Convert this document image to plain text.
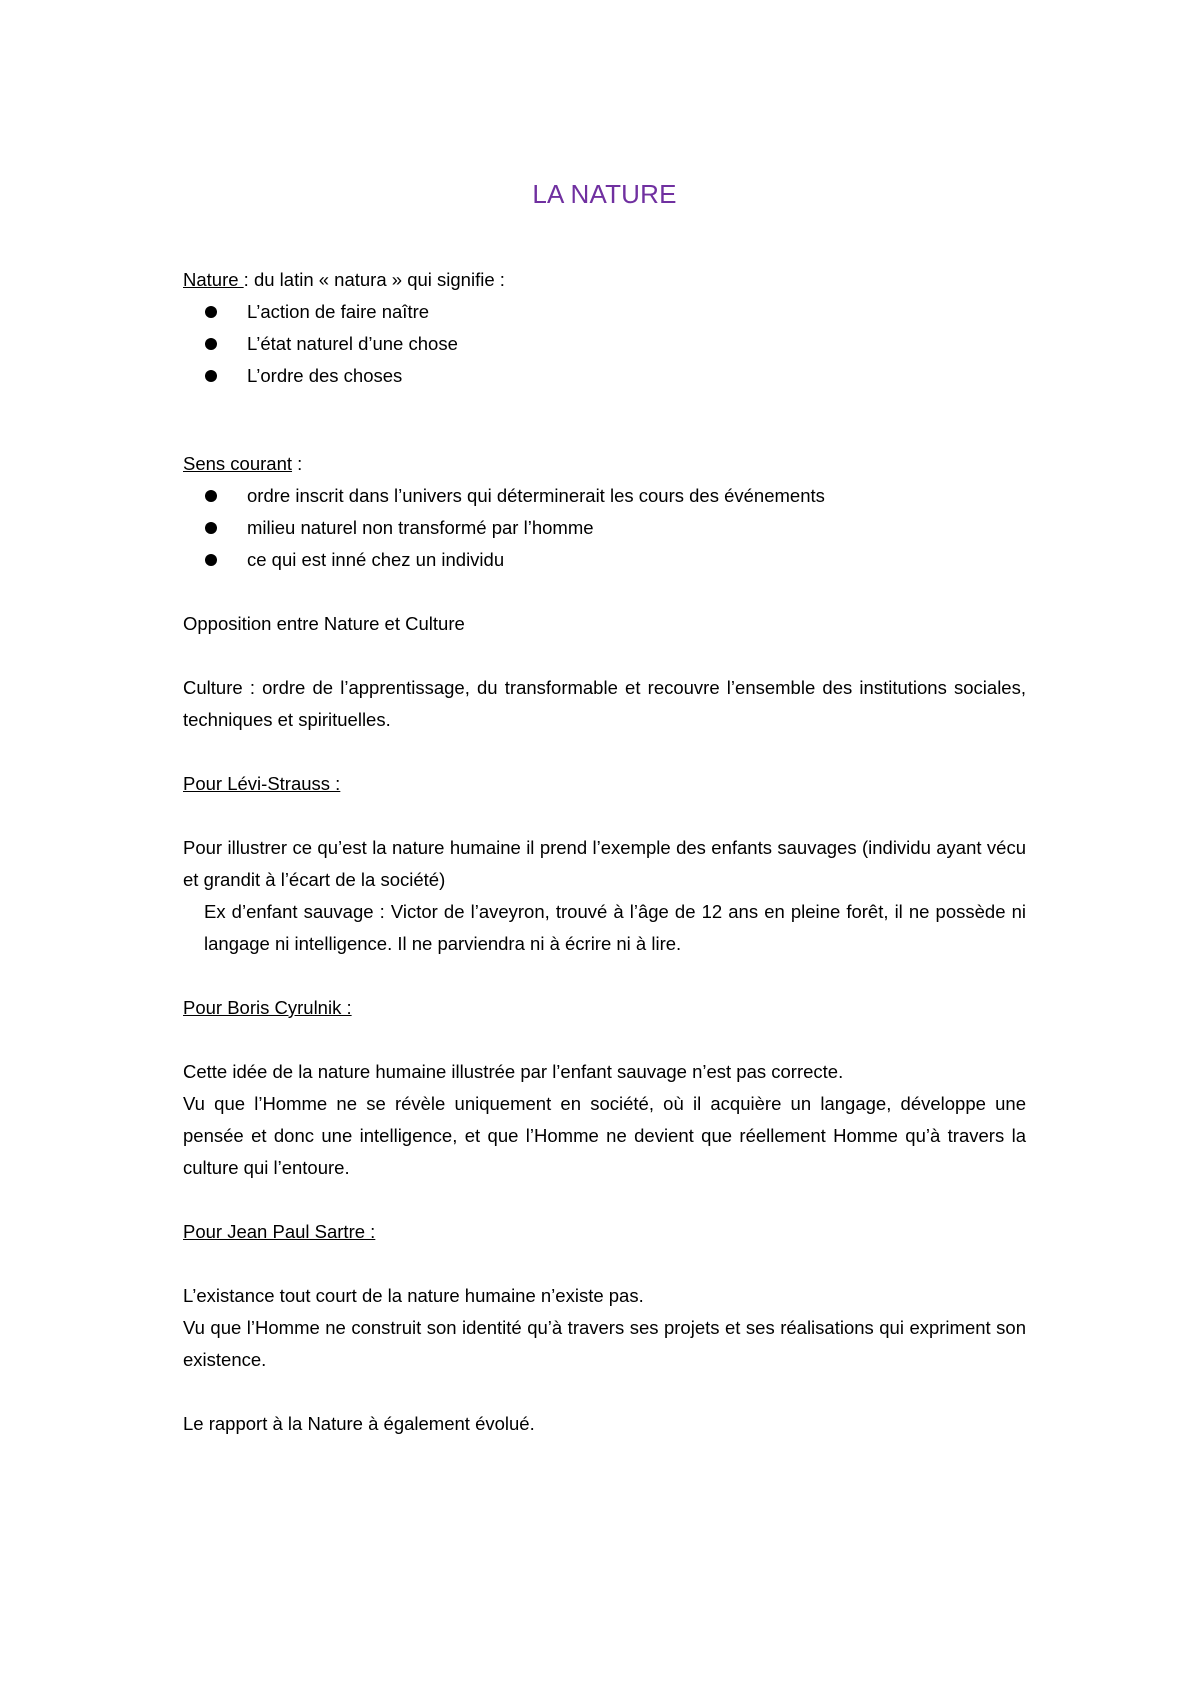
LA NATURE

Nature : du latin « natura » qui signifie :

L’action de faire naître
L’état naturel d’une chose
L’ordre des choses

Sens courant :

ordre inscrit dans l’univers qui déterminerait les cours des événements
milieu naturel non transformé par l’homme
ce qui est inné chez un individu

Opposition entre Nature et Culture

Culture : ordre de l’apprentissage, du transformable et recouvre l’ensemble des institutions sociales, techniques et spirituelles.

Pour Lévi-Strauss :

Pour illustrer ce qu’est la nature humaine il prend l’exemple des enfants sauvages (individu ayant vécu et grandit à l’écart de la société)

Ex d’enfant sauvage : Victor de l’aveyron, trouvé à l’âge de 12 ans en pleine forêt, il ne possède ni langage ni intelligence. Il ne parviendra ni à écrire ni à lire.

Pour Boris Cyrulnik :

Cette idée de la nature humaine illustrée par l’enfant sauvage n’est pas correcte.

Vu que l’Homme ne se révèle uniquement en société, où il acquière un langage, développe une pensée et donc une intelligence, et que l’Homme ne devient que réellement Homme qu’à travers la culture qui l’entoure.

Pour Jean Paul Sartre :

L’existance tout court de la nature humaine n’existe pas.

Vu que l’Homme ne construit son identité qu’à travers ses projets et ses réalisations qui expriment son existence.

Le rapport à la Nature à également évolué.
